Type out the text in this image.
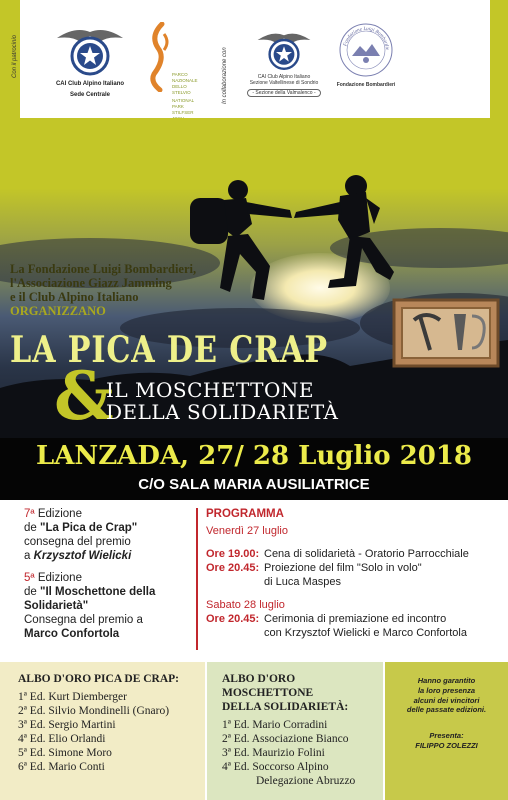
Con il patrocinio	In collaborazione con
CAI Club Alpino Italiano
Sede Centrale
PARCO
NAZIONALE
DELLO
STELVIO
NATIONAL
PARK
STILFSER
CAI Club Alpino Italiano
Sezione Valtellinese di Sondrio
- Sezione della Valmalenco -
Fondazione Luigi Bombardie
Fondazione Bombardieri
La Fondazione Luigi Bombardieri,
l'Associazione Giazz Jamming
e il Club Alpino Italiano
ORGANIZZANO
LA PICA DE CRAP
&
IL MOSCHETTONE
DELLA SOLIDARIETÀ
LANZADA, 27/ 28 Luglio 2018
C/O SALA MARIA AUSILIATRICE
7ª Edizione
de "La Pica de Crap"
consegna del premio
a Krzysztof Wielicki
5ª Edizione
de "Il Moschettone della
Solidarietà"
Consegna del premio a
Marco Confortola
PROGRAMMA
Venerdì 27 luglio
Ore 19.00: Cena di solidarietà - Oratorio Parrocchiale
Ore 20.45: Proiezione del film "Solo in volo"
di Luca Maspes
Sabato 28 luglio
Ore 20.45: Cerimonia di premiazione ed incontro
con Krzysztof Wielicki e Marco Confortola
ALBO D'ORO PICA DE CRAP:
1ª Ed. Kurt Diemberger
2ª Ed. Silvio Mondinelli (Gnaro)
3ª Ed. Sergio Martini
4ª Ed. Elio Orlandi
5ª Ed. Simone Moro
6ª Ed. Mario Conti
ALBO D'ORO
MOSCHETTONE
DELLA SOLIDARIETÀ:
1ª Ed. Mario Corradini
2ª Ed. Associazione Bianco
3ª Ed. Maurizio Folini
4ª Ed. Soccorso Alpino
Delegazione Abruzzo
Hanno garantito
la loro presenza
alcuni dei vincitori
delle passate edizioni.
Presenta:
FILIPPO ZOLEZZI
